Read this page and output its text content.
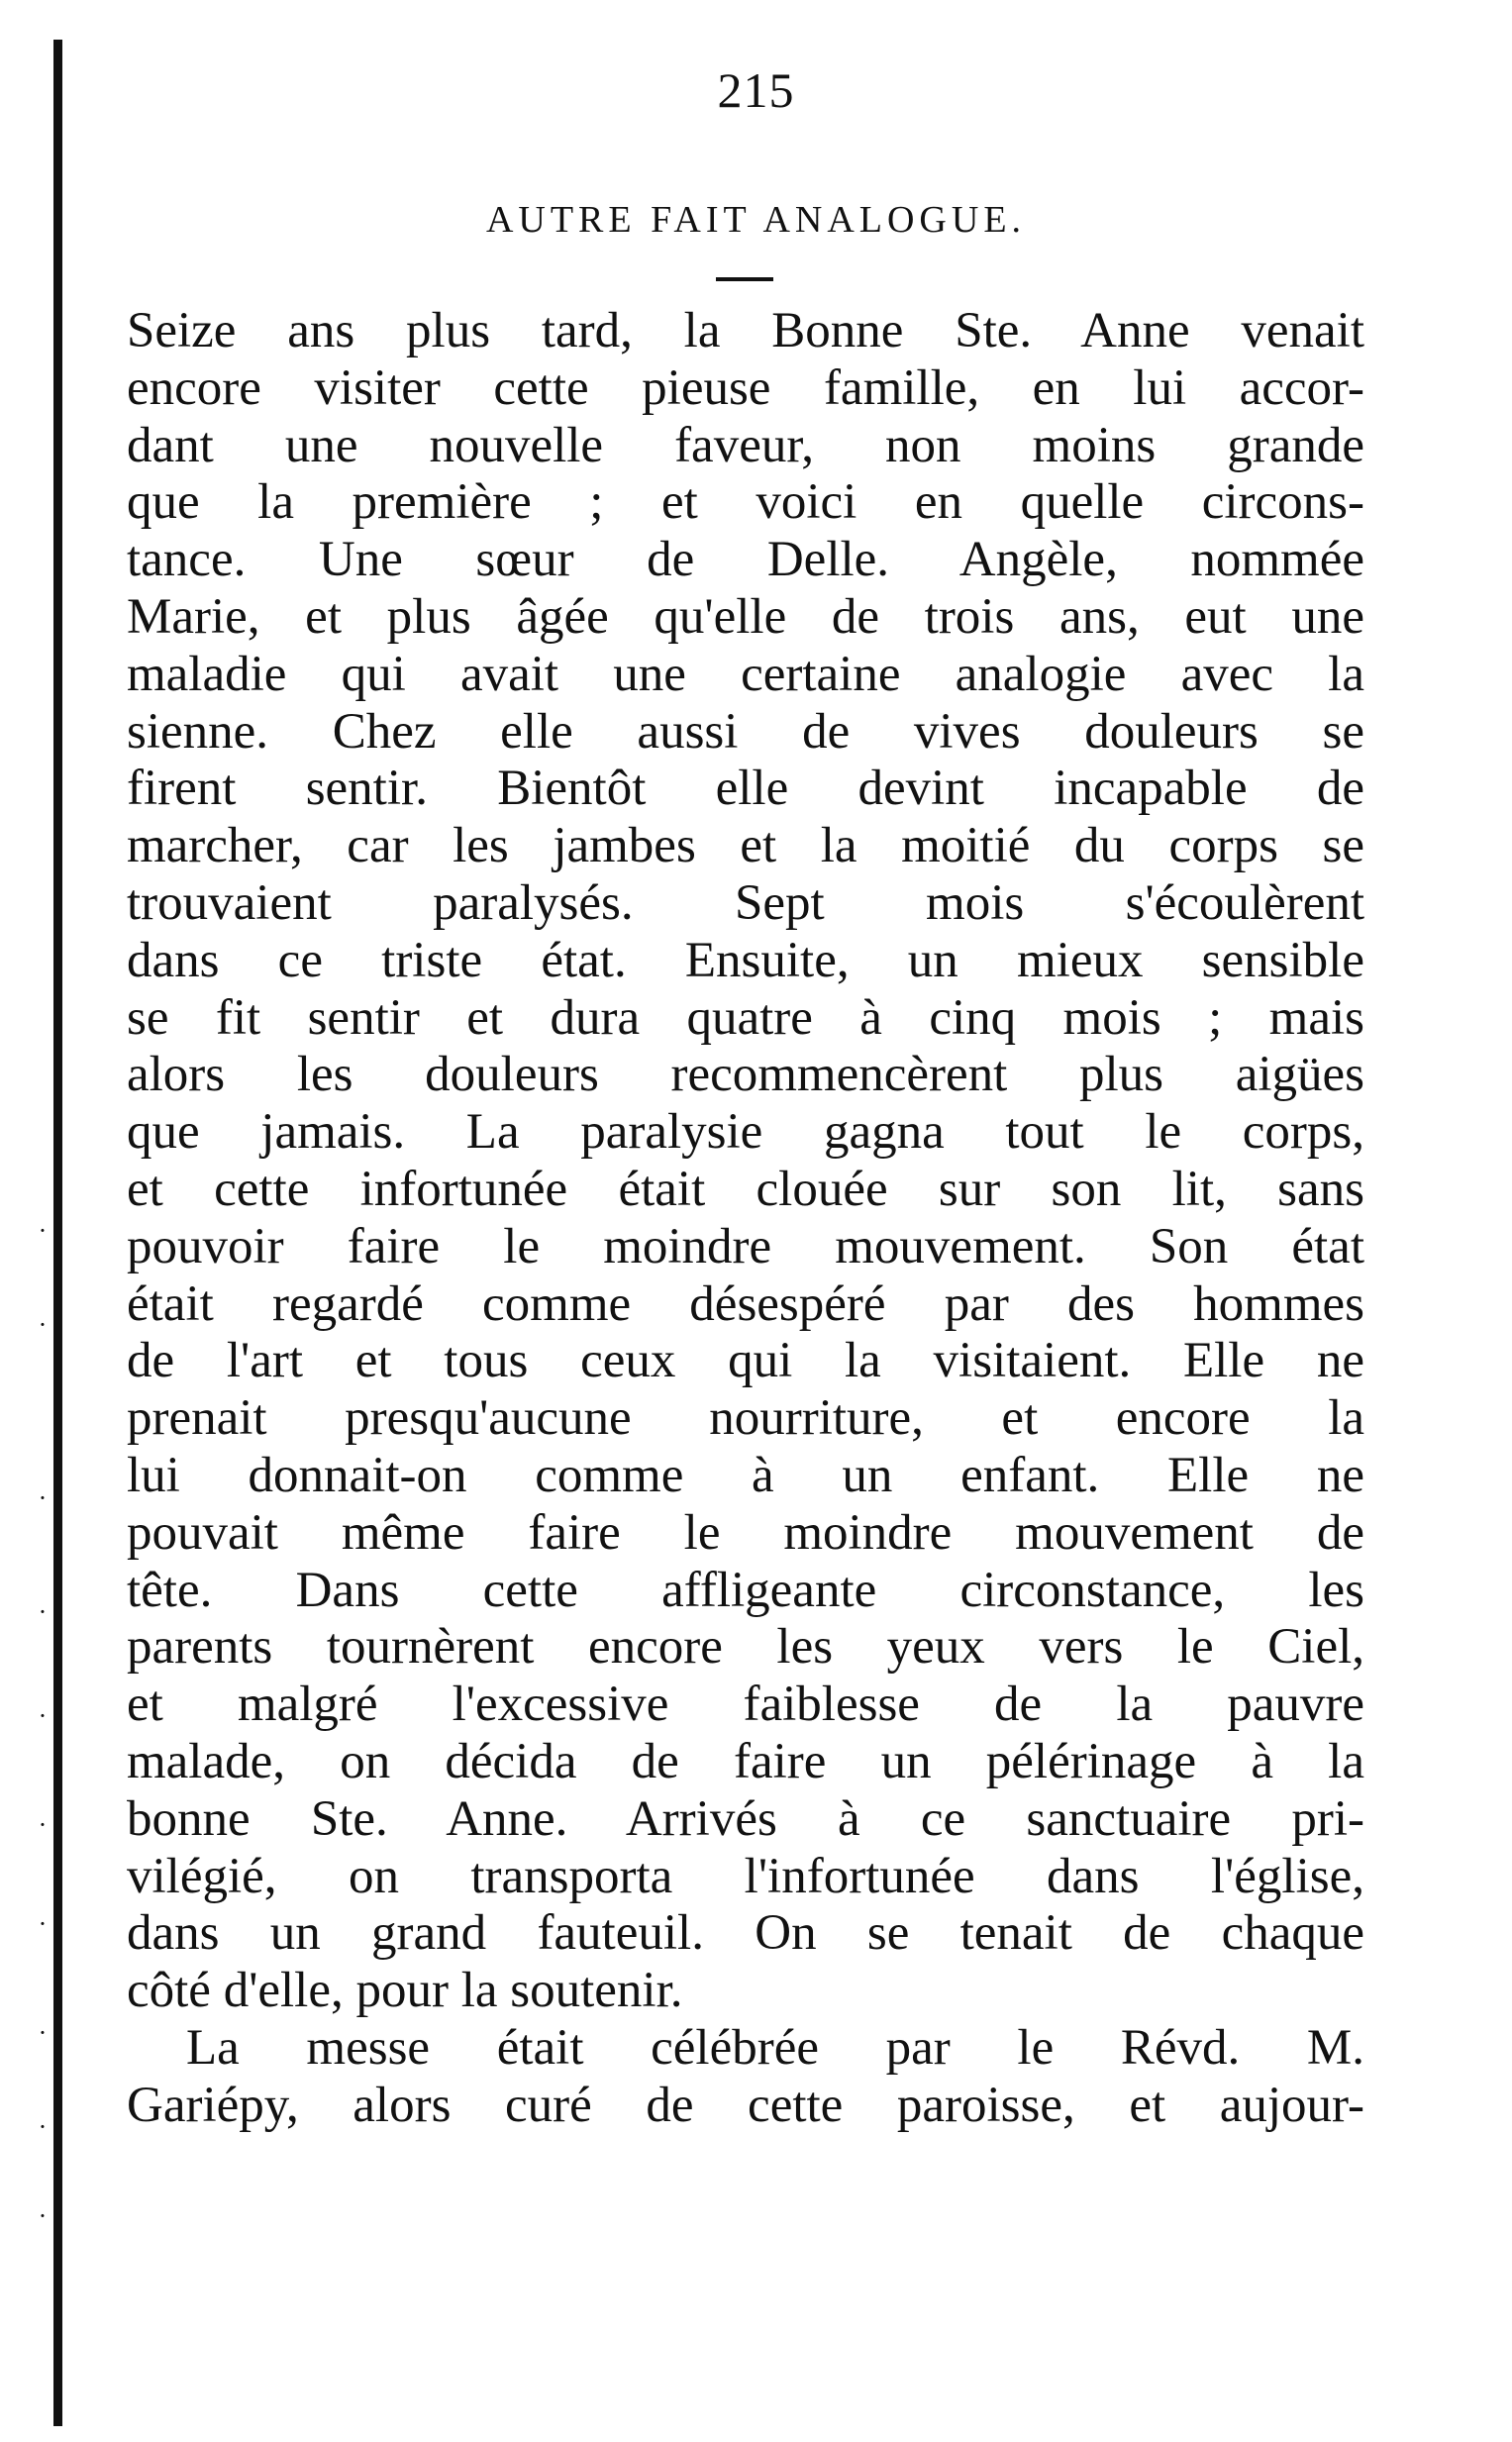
215
AUTRE FAIT ANALOGUE.
Seize ans plus tard, la Bonne Ste. Anne venait
encore visiter cette pieuse famille, en lui accor-
dant une nouvelle faveur, non moins grande
que la première ; et voici en quelle circons-
tance. Une sœur de Delle. Angèle, nommée
Marie, et plus âgée qu'elle de trois ans, eut une
maladie qui avait une certaine analogie avec la
sienne. Chez elle aussi de vives douleurs se
firent sentir. Bientôt elle devint incapable de
marcher, car les jambes et la moitié du corps se
trouvaient paralysés. Sept mois s'écoulèrent
dans ce triste état. Ensuite, un mieux sensible
se fit sentir et dura quatre à cinq mois ; mais
alors les douleurs recommencèrent plus aigües
que jamais. La paralysie gagna tout le corps,
et cette infortunée était clouée sur son lit, sans
pouvoir faire le moindre mouvement. Son état
était regardé comme désespéré par des hommes
de l'art et tous ceux qui la visitaient. Elle ne
prenait presqu'aucune nourriture, et encore la
lui donnait-on comme à un enfant. Elle ne
pouvait même faire le moindre mouvement de
tête. Dans cette affligeante circonstance, les
parents tournèrent encore les yeux vers le Ciel,
et malgré l'excessive faiblesse de la pauvre
malade, on décida de faire un pélérinage à la
bonne Ste. Anne. Arrivés à ce sanctuaire pri-
vilégié, on transporta l'infortunée dans l'église,
dans un grand fauteuil. On se tenait de chaque
côté d'elle, pour la soutenir.
La messe était célébrée par le Révd. M.
Gariépy, alors curé de cette paroisse, et aujour-
·
·
·
·
·
·
·
·
·
·
